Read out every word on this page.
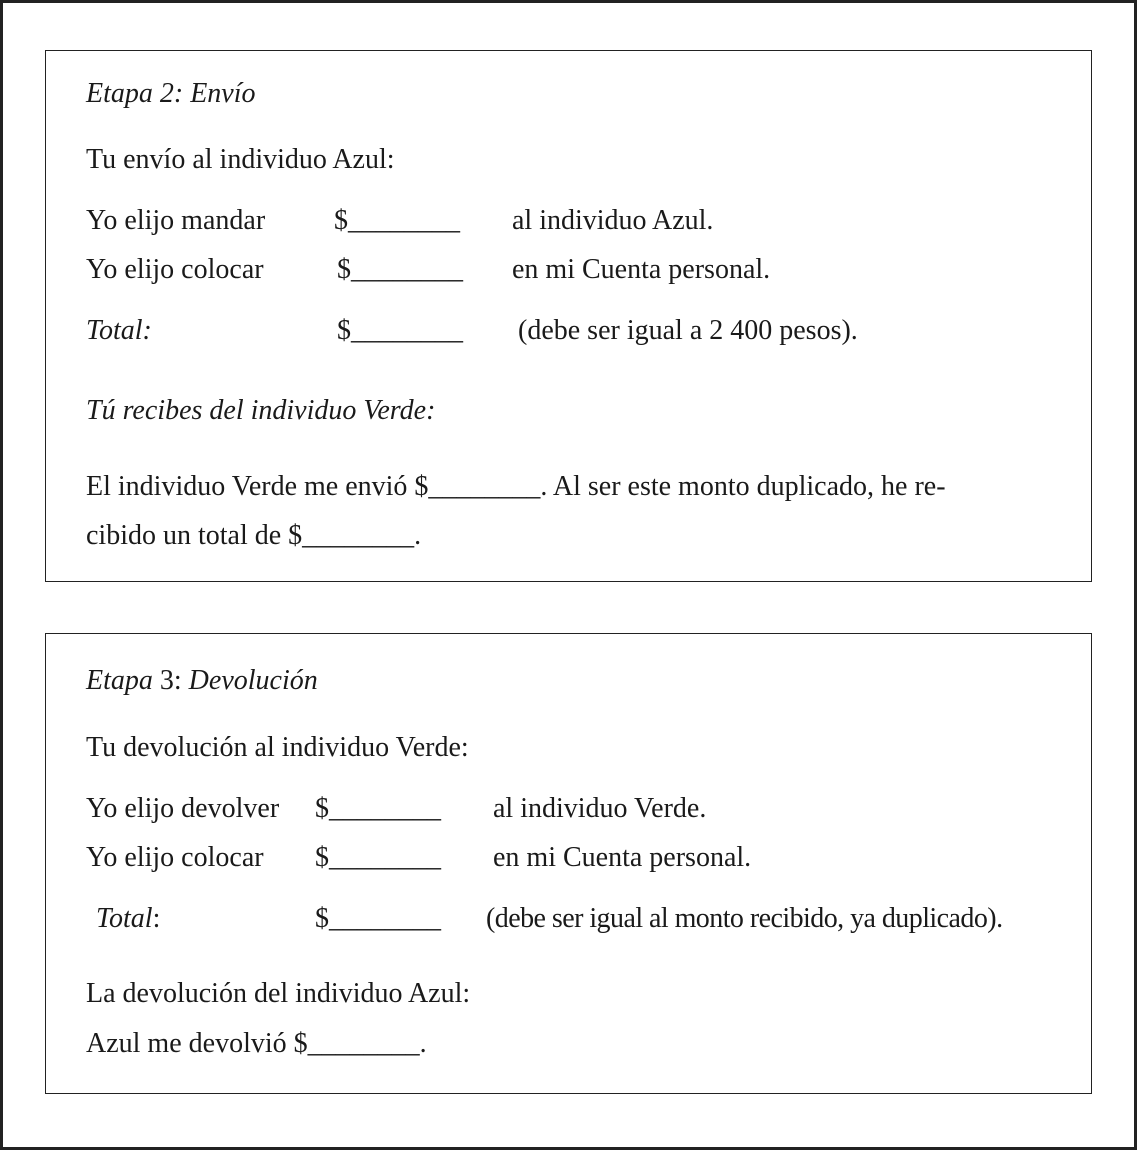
Etapa 2: Envío
Tu envío al individuo Azul:
Yo elijo mandar $________ al individuo Azul.
Yo elijo colocar	$________ en mi Cuenta personal.
Total:	$________ (debe ser igual a 2 400 pesos).
Tú recibes del individuo Verde:
El individuo Verde me envió $________. Al ser este monto duplicado, he re-
cibido un total de $________.
Etapa 3: Devolución
Tu devolución al individuo Verde:
Yo elijo devolver $________ al individuo Verde.
Yo elijo colocar $________ en mi Cuenta personal.
Total:	$________ (debe ser igual al monto recibido, ya duplicado).
La devolución del individuo Azul:
Azul me devolvió $________.
